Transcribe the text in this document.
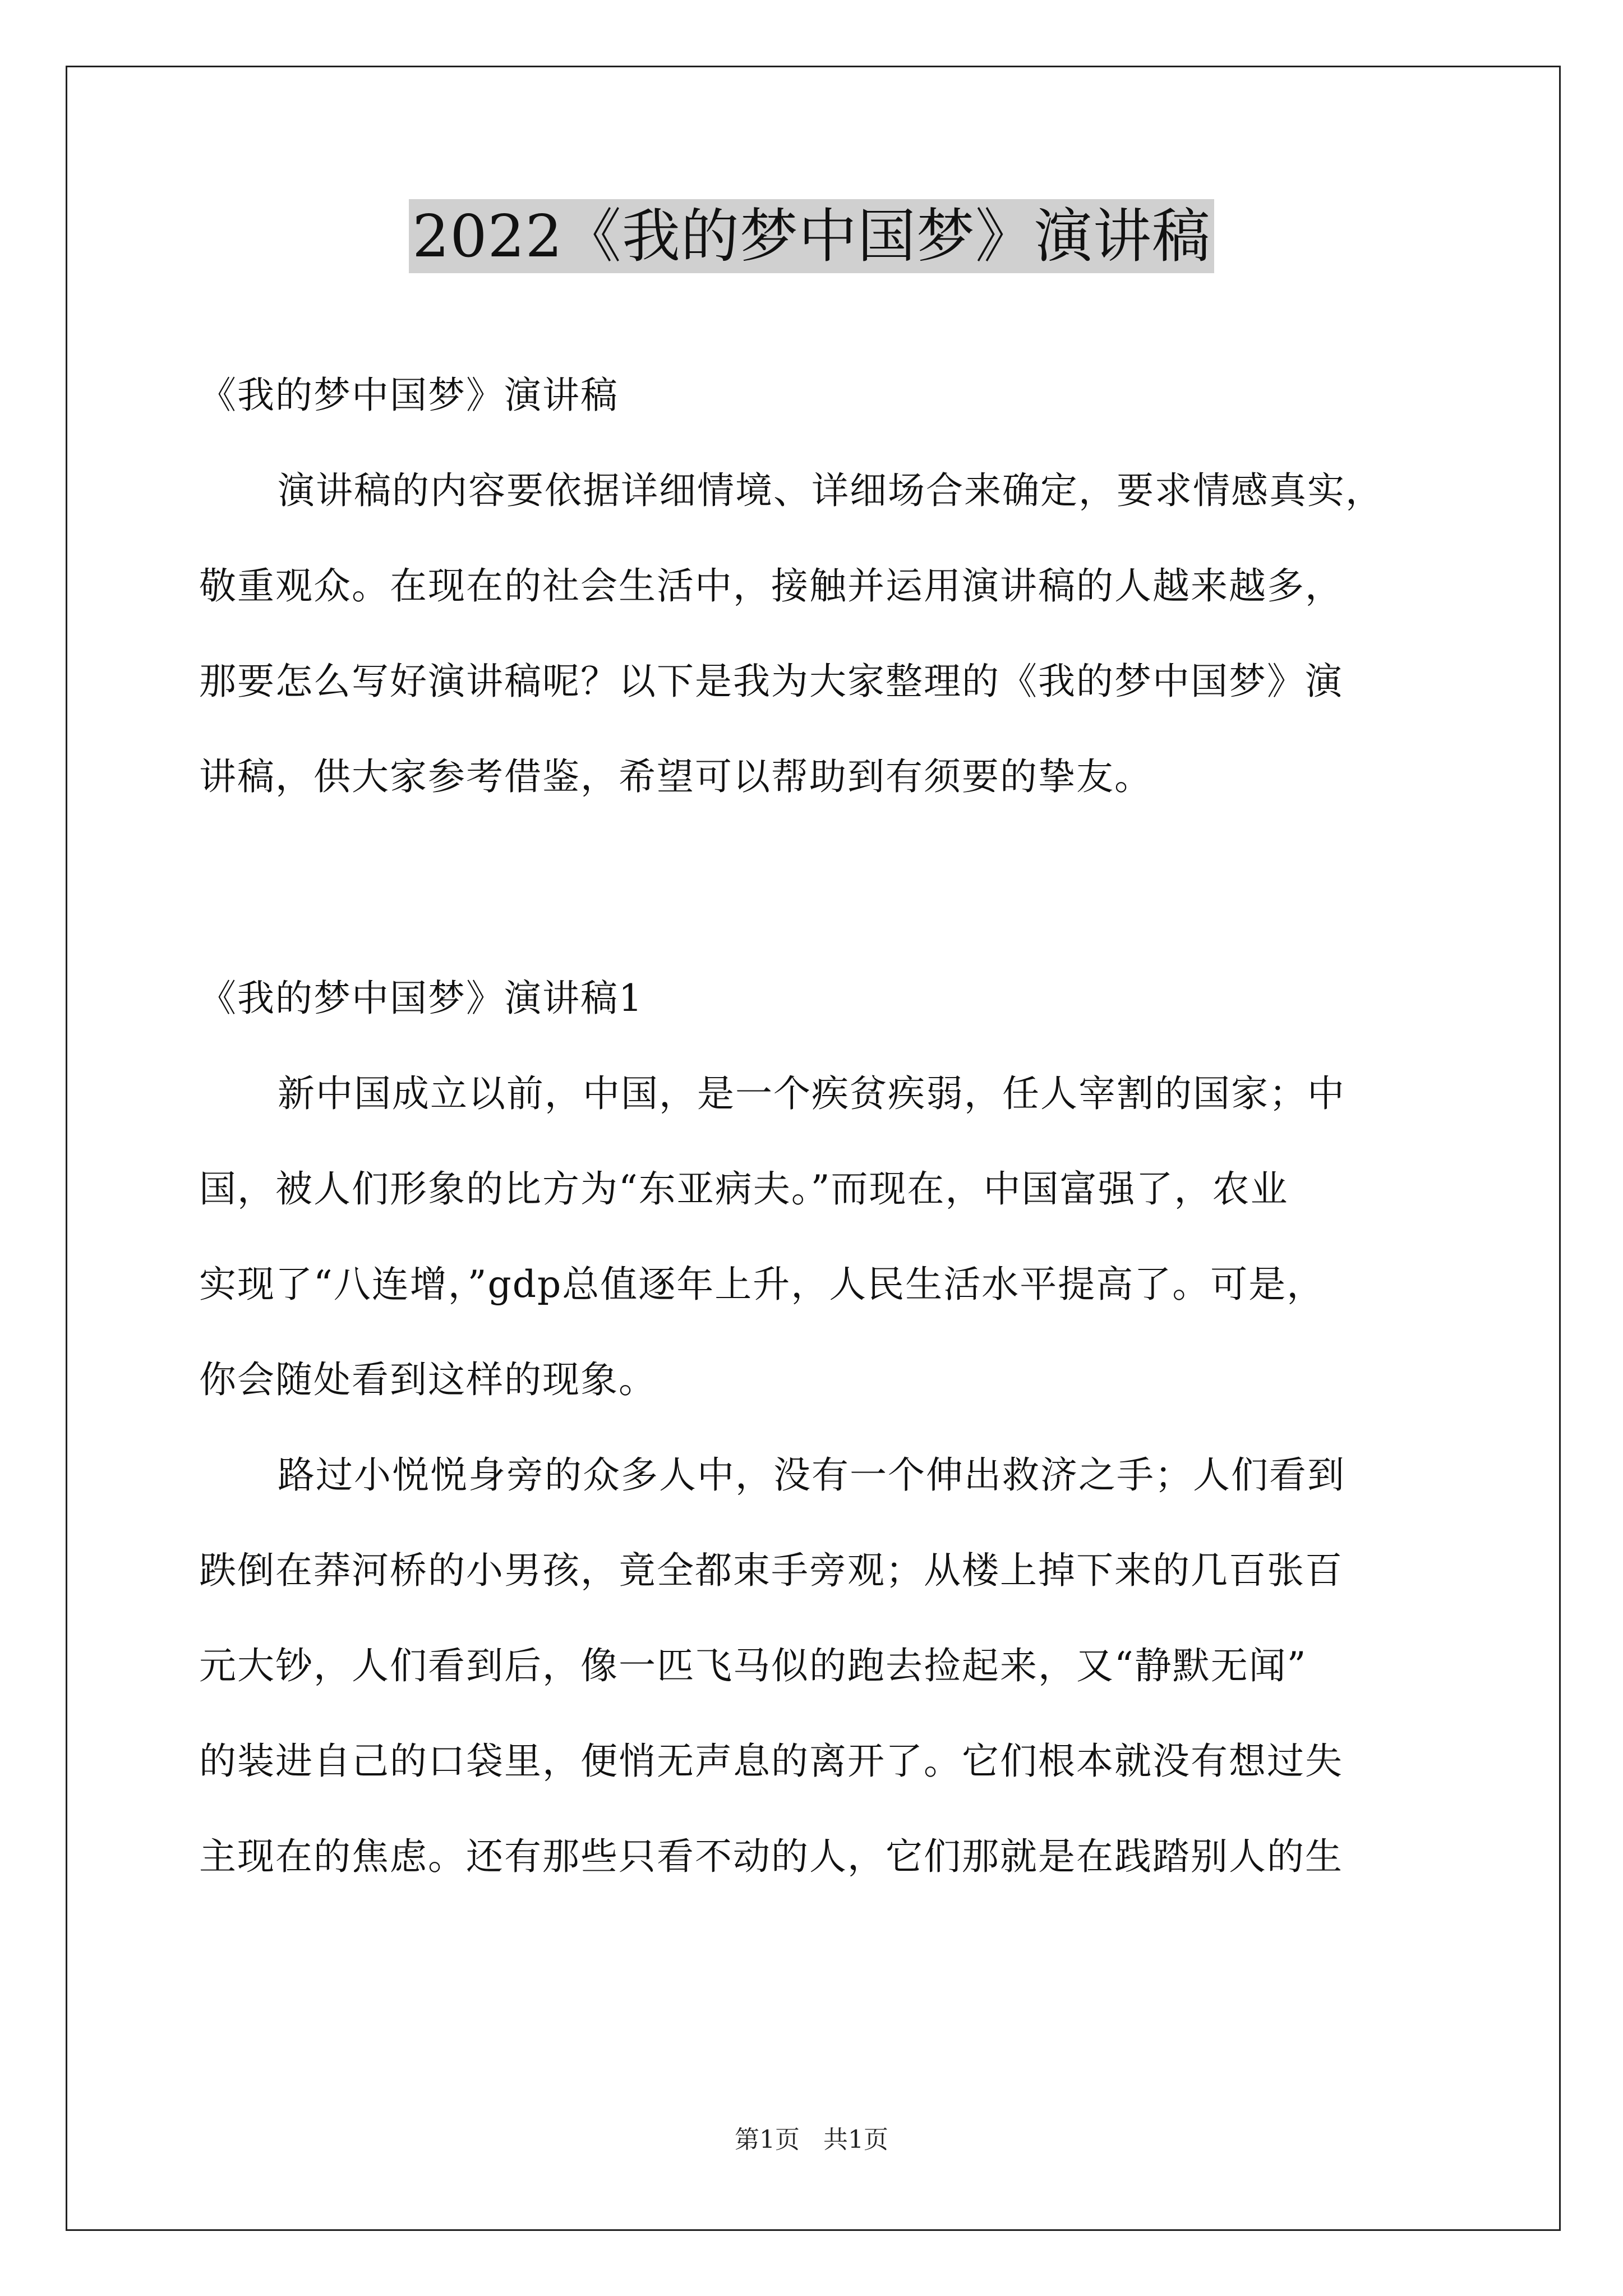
2022《我的梦中国梦》演讲稿
《我的梦中国梦》演讲稿
演讲稿的内容要依据详细情境、详细场合来确定，要求情感真实，
敬重观众。在现在的社会生活中，接触并运用演讲稿的人越来越多，
那要怎么写好演讲稿呢？以下是我为大家整理的《我的梦中国梦》演
讲稿，供大家参考借鉴，希望可以帮助到有须要的挚友。
《我的梦中国梦》演讲稿1
新中国成立以前，中国，是一个疾贫疾弱，任人宰割的国家；中
国，被人们形象的比方为“东亚病夫。”而现在，中国富强了，农业
实现了“八连增，”gdp总值逐年上升，人民生活水平提高了。可是，
你会随处看到这样的现象。
路过小悦悦身旁的众多人中，没有一个伸出救济之手；人们看到
跌倒在莽河桥的小男孩，竟全都束手旁观；从楼上掉下来的几百张百
元大钞，人们看到后，像一匹飞马似的跑去捡起来，又“静默无闻”
的装进自己的口袋里，便悄无声息的离开了。它们根本就没有想过失
主现在的焦虑。还有那些只看不动的人，它们那就是在践踏别人的生
第1页 共1页
